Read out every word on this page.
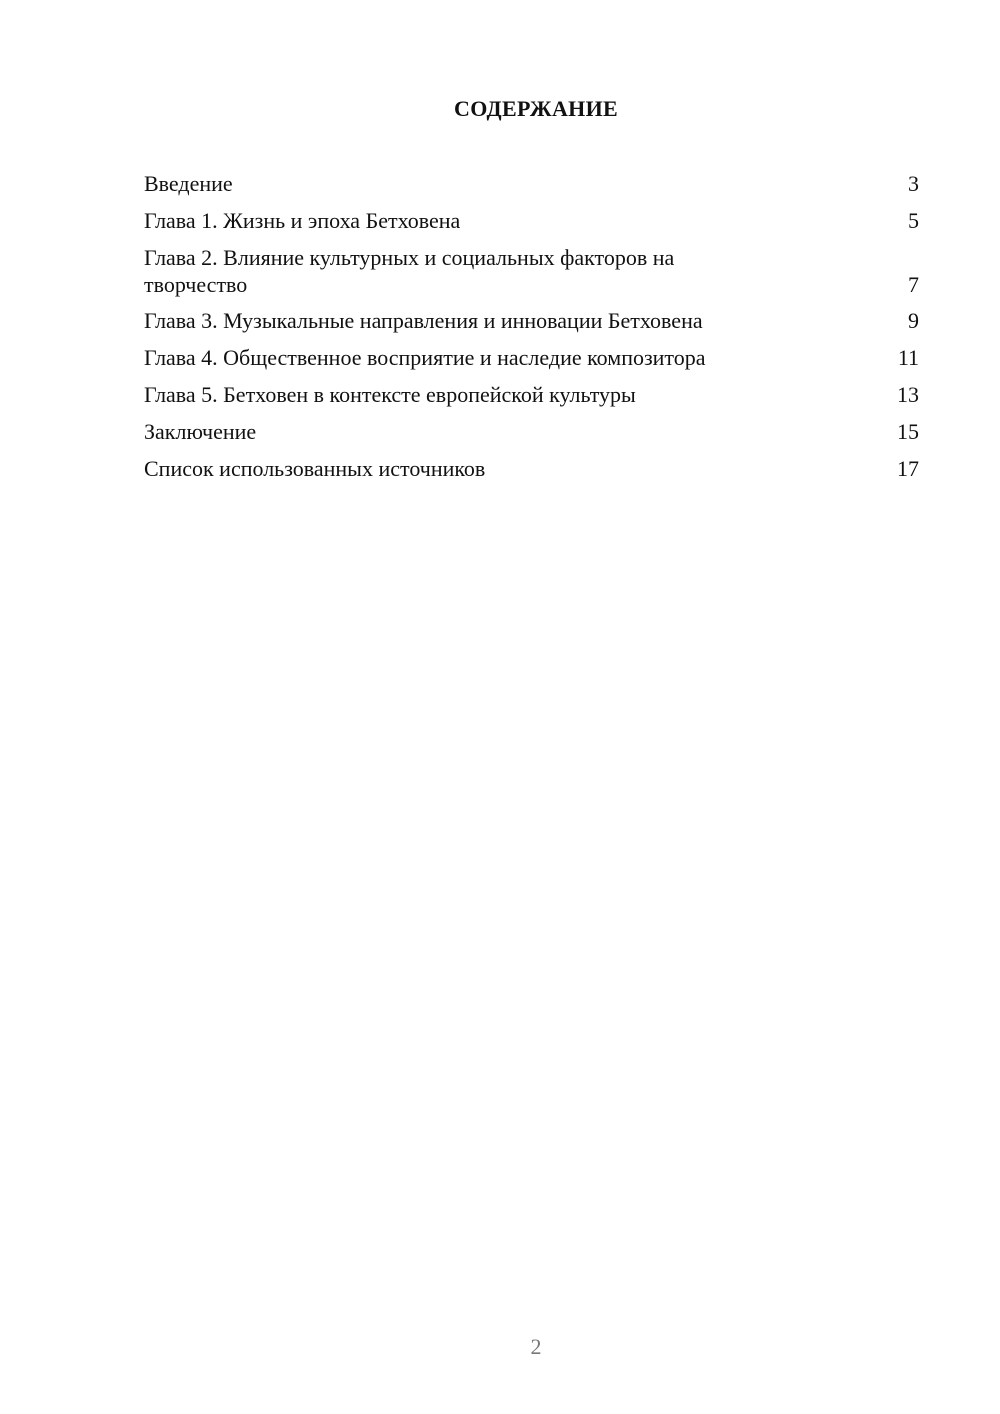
СОДЕРЖАНИЕ
Введение	3
Глава 1. Жизнь и эпоха Бетховена	5
Глава 2. Влияние культурных и социальных факторов на творчество	7
Глава 3. Музыкальные направления и инновации Бетховена	9
Глава 4. Общественное восприятие и наследие композитора	11
Глава 5. Бетховен в контексте европейской культуры	13
Заключение	15
Список использованных источников	17
2
